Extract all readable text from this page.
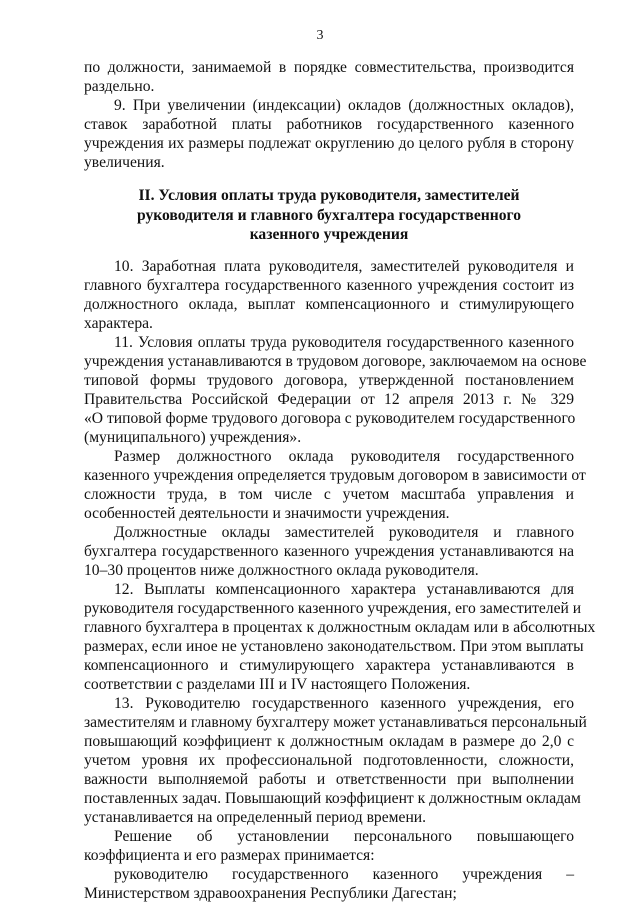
3
по должности, занимаемой в порядке совместительства, производится
раздельно.
9. При увеличении (индексации) окладов (должностных окладов),
ставок заработной платы работников государственного казенного
учреждения их размеры подлежат округлению до целого рубля в сторону
увеличения.
II. Условия оплаты труда руководителя, заместителей
руководителя и главного бухгалтера государственного
казенного учреждения
10. Заработная плата руководителя, заместителей руководителя и
главного бухгалтера государственного казенного учреждения состоит из
должностного оклада, выплат компенсационного и стимулирующего
характера.
11. Условия оплаты труда руководителя государственного казенного
учреждения устанавливаются в трудовом договоре, заключаемом на основе
типовой формы трудового договора, утвержденной постановлением
Правительства Российской Федерации от 12 апреля 2013 г. № 329
«О типовой форме трудового договора с руководителем государственного
(муниципального) учреждения».
Размер должностного оклада руководителя государственного
казенного учреждения определяется трудовым договором в зависимости от
сложности труда, в том числе с учетом масштаба управления и
особенностей деятельности и значимости учреждения.
Должностные оклады заместителей руководителя и главного
бухгалтера государственного казенного учреждения устанавливаются на
10–30 процентов ниже должностного оклада руководителя.
12. Выплаты компенсационного характера устанавливаются для
руководителя государственного казенного учреждения, его заместителей и
главного бухгалтера в процентах к должностным окладам или в абсолютных
размерах, если иное не установлено законодательством. При этом выплаты
компенсационного и стимулирующего характера устанавливаются в
соответствии с разделами III и IV настоящего Положения.
13. Руководителю государственного казенного учреждения, его
заместителям и главному бухгалтеру может устанавливаться персональный
повышающий коэффициент к должностным окладам в размере до 2,0 с
учетом уровня их профессиональной подготовленности, сложности,
важности выполняемой работы и ответственности при выполнении
поставленных задач. Повышающий коэффициент к должностным окладам
устанавливается на определенный период времени.
Решение об установлении персонального повышающего
коэффициента и его размерах принимается:
руководителю государственного казенного учреждения –
Министерством здравоохранения Республики Дагестан;
